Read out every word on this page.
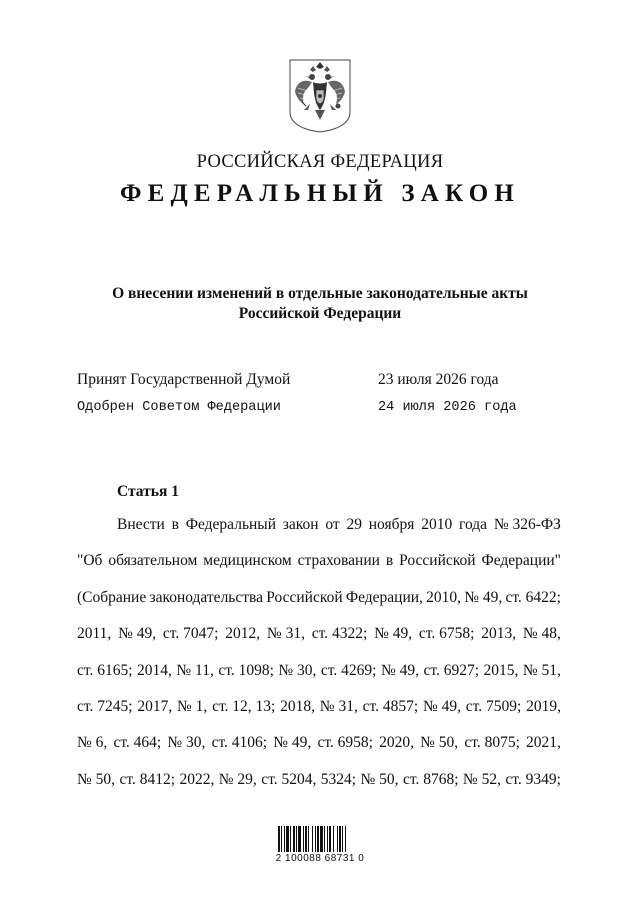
РОССИЙСКАЯ ФЕДЕРАЦИЯ
ФЕДЕРАЛЬНЫЙ ЗАКОН
О внесении изменений в отдельные законодательные акты
Российской Федерации
Принят Государственной Думой	23 июля 2026 года
Одобрен Советом Федерации	24 июля 2026 года
Статья 1
Внести в Федеральный закон от 29 ноября 2010 года № 326-ФЗ
"Об обязательном медицинском страховании в Российской Федерации"
(Собрание законодательства Российской Федерации, 2010, № 49, ст. 6422;
2011, № 49, ст. 7047; 2012, № 31, ст. 4322; № 49, ст. 6758; 2013, № 48,
ст. 6165; 2014, № 11, ст. 1098; № 30, ст. 4269; № 49, ст. 6927; 2015, № 51,
ст. 7245; 2017, № 1, ст. 12, 13; 2018, № 31, ст. 4857; № 49, ст. 7509; 2019,
№ 6, ст. 464; № 30, ст. 4106; № 49, ст. 6958; 2020, № 50, ст. 8075; 2021,
№ 50, ст. 8412; 2022, № 29, ст. 5204, 5324; № 50, ст. 8768; № 52, ст. 9349;
2 100088 68731 0
